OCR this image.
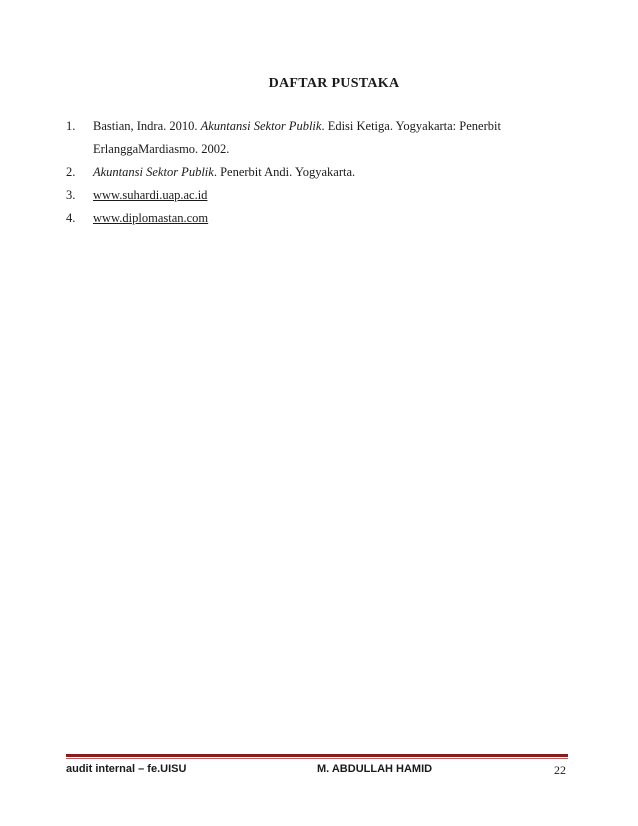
DAFTAR PUSTAKA
1. Bastian, Indra. 2010. Akuntansi Sektor Publik. Edisi Ketiga. Yogyakarta: Penerbit
ErlanggaMardiasmo. 2002.
2. Akuntansi Sektor Publik. Penerbit Andi. Yogyakarta.
3. www.suhardi.uap.ac.id
4. www.diplomastan.com
audit internal – fe.UISU	M. ABDULLAH HAMID	22
